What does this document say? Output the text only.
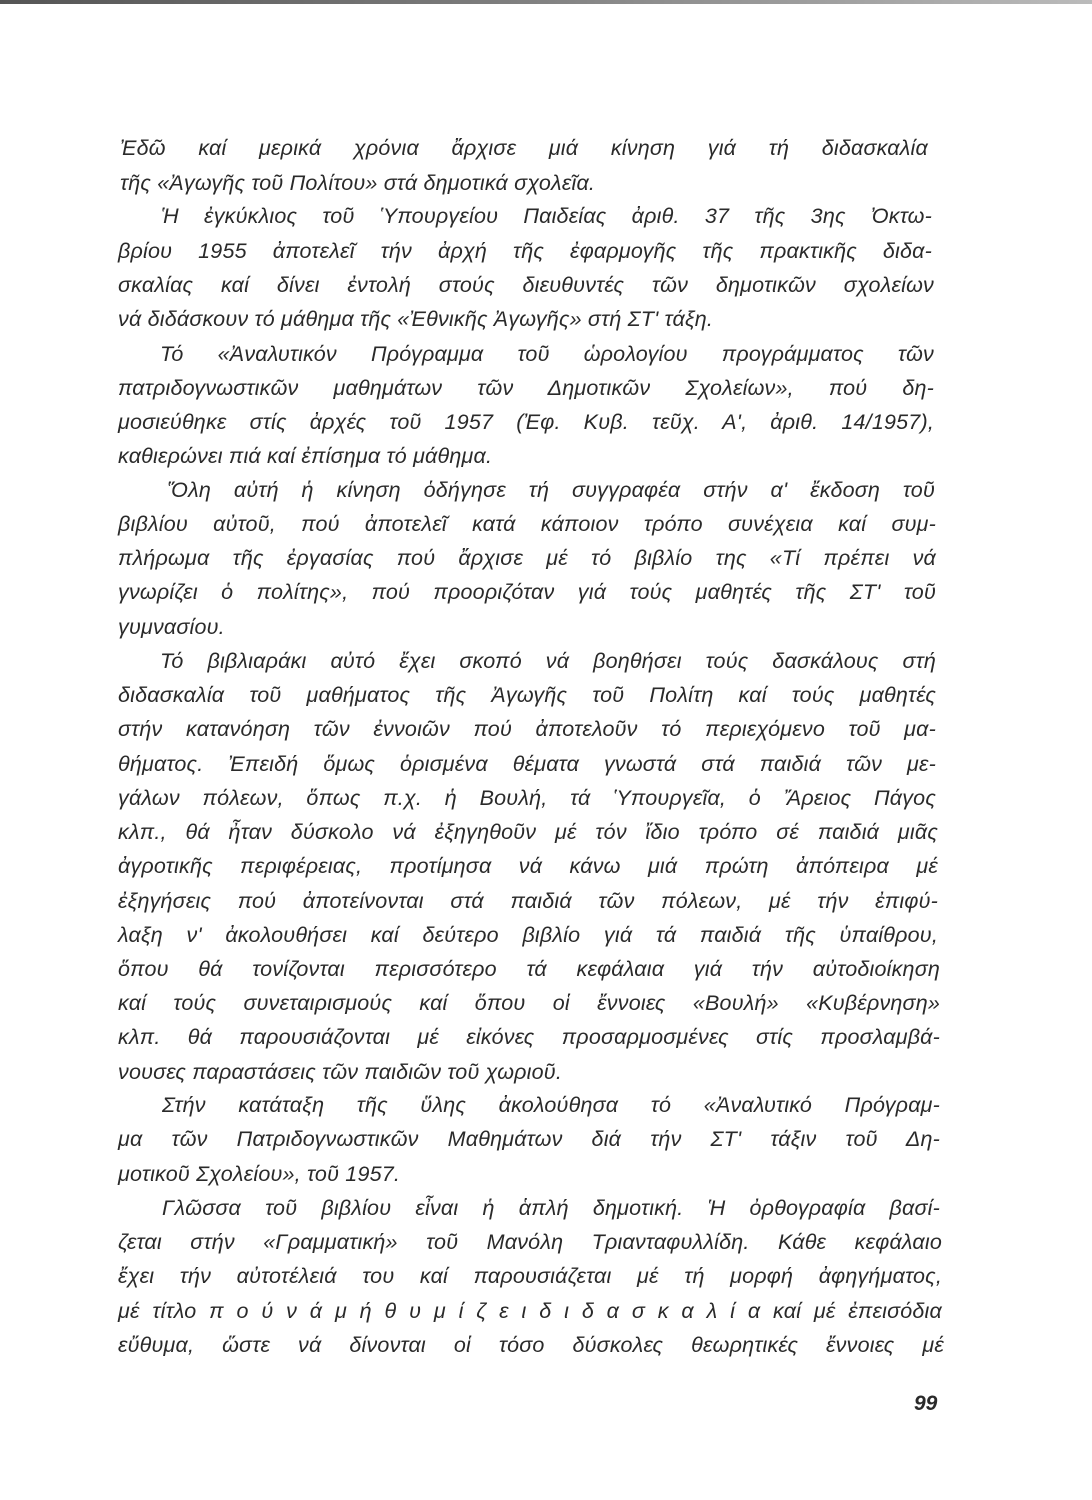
Ἐδῶ καί μερικά χρόνια ἄρχισε μιά κίνηση γιά τή διδασκαλία
τῆς «Ἀγωγῆς τοῦ Πολίτου» στά δημοτικά σχολεῖα.
Ἡ ἐγκύκλιος τοῦ Ὑπουργείου Παιδείας ἀριθ. 37 τῆς 3ης Ὀκτω-
βρίου 1955 ἀποτελεῖ τήν ἀρχή τῆς ἐφαρμογῆς τῆς πρακτικῆς διδα-
σκαλίας καί δίνει ἐντολή στούς διευθυντές τῶν δημοτικῶν σχολείων
νά διδάσκουν τό μάθημα τῆς «Ἐθνικῆς Ἀγωγῆς» στή ΣΤ' τάξη.
Τό «Ἀναλυτικόν Πρόγραμμα τοῦ ὡρολογίου προγράμματος τῶν
πατριδογνωστικῶν μαθημάτων τῶν Δημοτικῶν Σχολείων», πού δη-
μοσιεύθηκε στίς ἀρχές τοῦ 1957 (Ἐφ. Κυβ. τεῦχ. Α', ἀριθ. 14/1957),
καθιερώνει πιά καί ἐπίσημα τό μάθημα.
Ὅλη αὐτή ἡ κίνηση ὁδήγησε τή συγγραφέα στήν α' ἔκδοση τοῦ
βιβλίου αὐτοῦ, πού ἀποτελεῖ κατά κάποιον τρόπο συνέχεια καί συμ-
πλήρωμα τῆς ἐργασίας πού ἄρχισε μέ τό βιβλίο της «Τί πρέπει νά
γνωρίζει ὁ πολίτης», πού προοριζόταν γιά τούς μαθητές τῆς ΣΤ' τοῦ
γυμνασίου.
Τό βιβλιαράκι αὐτό ἔχει σκοπό νά βοηθήσει τούς δασκάλους στή
διδασκαλία τοῦ μαθήματος τῆς Ἀγωγῆς τοῦ Πολίτη καί τούς μαθητές
στήν κατανόηση τῶν ἐννοιῶν πού ἀποτελοῦν τό περιεχόμενο τοῦ μα-
θήματος. Ἐπειδή ὅμως ὁρισμένα θέματα γνωστά στά παιδιά τῶν με-
γάλων πόλεων, ὅπως π.χ. ἡ Βουλή, τά Ὑπουργεῖα, ὁ Ἄρειος Πάγος
κλπ., θά ἦταν δύσκολο νά ἐξηγηθοῦν μέ τόν ἴδιο τρόπο σέ παιδιά μιᾶς
ἀγροτικῆς περιφέρειας, προτίμησα νά κάνω μιά πρώτη ἀπόπειρα μέ
ἐξηγήσεις πού ἀποτείνονται στά παιδιά τῶν πόλεων, μέ τήν ἐπιφύ-
λαξη ν' ἀκολουθήσει καί δεύτερο βιβλίο γιά τά παιδιά τῆς ὑπαίθρου,
ὅπου θά τονίζονται περισσότερο τά κεφάλαια γιά τήν αὐτοδιοίκηση
καί τούς συνεταιρισμούς καί ὅπου οἱ ἔννοιες «Βουλή» «Κυβέρνηση»
κλπ. θά παρουσιάζονται μέ εἰκόνες προσαρμοσμένες στίς προσλαμβά-
νουσες παραστάσεις τῶν παιδιῶν τοῦ χωριοῦ.
Στήν κατάταξη τῆς ὕλης ἀκολούθησα τό «Ἀναλυτικό Πρόγραμ-
μα τῶν Πατριδογνωστικῶν Μαθημάτων διά τήν ΣΤ' τάξιν τοῦ Δη-
μοτικοῦ Σχολείου», τοῦ 1957.
Γλῶσσα τοῦ βιβλίου εἶναι ἡ ἁπλή δημοτική. Ἡ ὀρθογραφία βασί-
ζεται στήν «Γραμματική» τοῦ Μανόλη Τριανταφυλλίδη. Κάθε κεφάλαιο
ἔχει τήν αὐτοτέλειά του καί παρουσιάζεται μέ τή μορφή ἀφηγήματος,
μέ τίτλο π ο ύ ν ά μ ή θ υ μ ί ζ ε ι δ ι δ α σ κ α λ ί α καί μέ ἐπεισόδια
εὔθυμα, ὥστε νά δίνονται οἱ τόσο δύσκολες θεωρητικές ἔννοιες μέ
99
